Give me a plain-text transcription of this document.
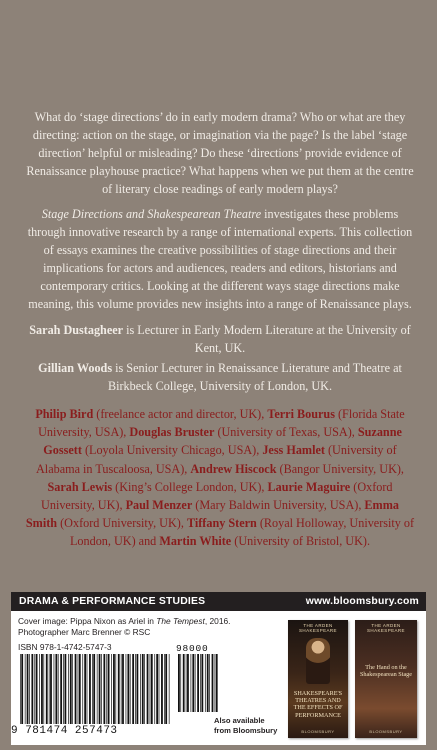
What do ‘stage directions’ do in early modern drama? Who or what are they directing: action on the stage, or imagination via the page? Is the label ‘stage direction’ helpful or misleading? Do these ‘directions’ provide evidence of Renaissance playhouse practice? What happens when we put them at the centre of literary close readings of early modern plays?

Stage Directions and Shakespearean Theatre investigates these problems through innovative research by a range of international experts. This collection of essays examines the creative possibilities of stage directions and their implications for actors and audiences, readers and editors, historians and contemporary critics. Looking at the different ways stage directions make meaning, this volume provides new insights into a range of Renaissance plays.

Sarah Dustagheer is Lecturer in Early Modern Literature at the University of Kent, UK.

Gillian Woods is Senior Lecturer in Renaissance Literature and Theatre at Birkbeck College, University of London, UK.

Philip Bird (freelance actor and director, UK), Terri Bourus (Florida State University, USA), Douglas Bruster (University of Texas, USA), Suzanne Gossett (Loyola University Chicago, USA), Jess Hamlet (University of Alabama in Tuscaloosa, USA), Andrew Hiscock (Bangor University, UK), Sarah Lewis (King’s College London, UK), Laurie Maguire (Oxford University, UK), Paul Menzer (Mary Baldwin University, USA), Emma Smith (Oxford University, UK), Tiffany Stern (Royal Holloway, University of London, UK) and Martin White (University of Bristol, UK).
DRAMA & PERFORMANCE STUDIES	www.bloomsbury.com
Cover image: Pippa Nixon as Ariel in The Tempest, 2016.
Photographer Marc Brenner © RSC
ISBN 978-1-4742-5747-3
9 781474 257473
98000
Also available from Bloomsbury
THE ARDEN SHAKESPEARE
SHAKESPEARE'S THEATRES AND THE EFFECTS OF PERFORMANCE
BLOOMSBURY
THE ARDEN SHAKESPEARE
The Hand on the Shakespearean Stage
BLOOMSBURY
